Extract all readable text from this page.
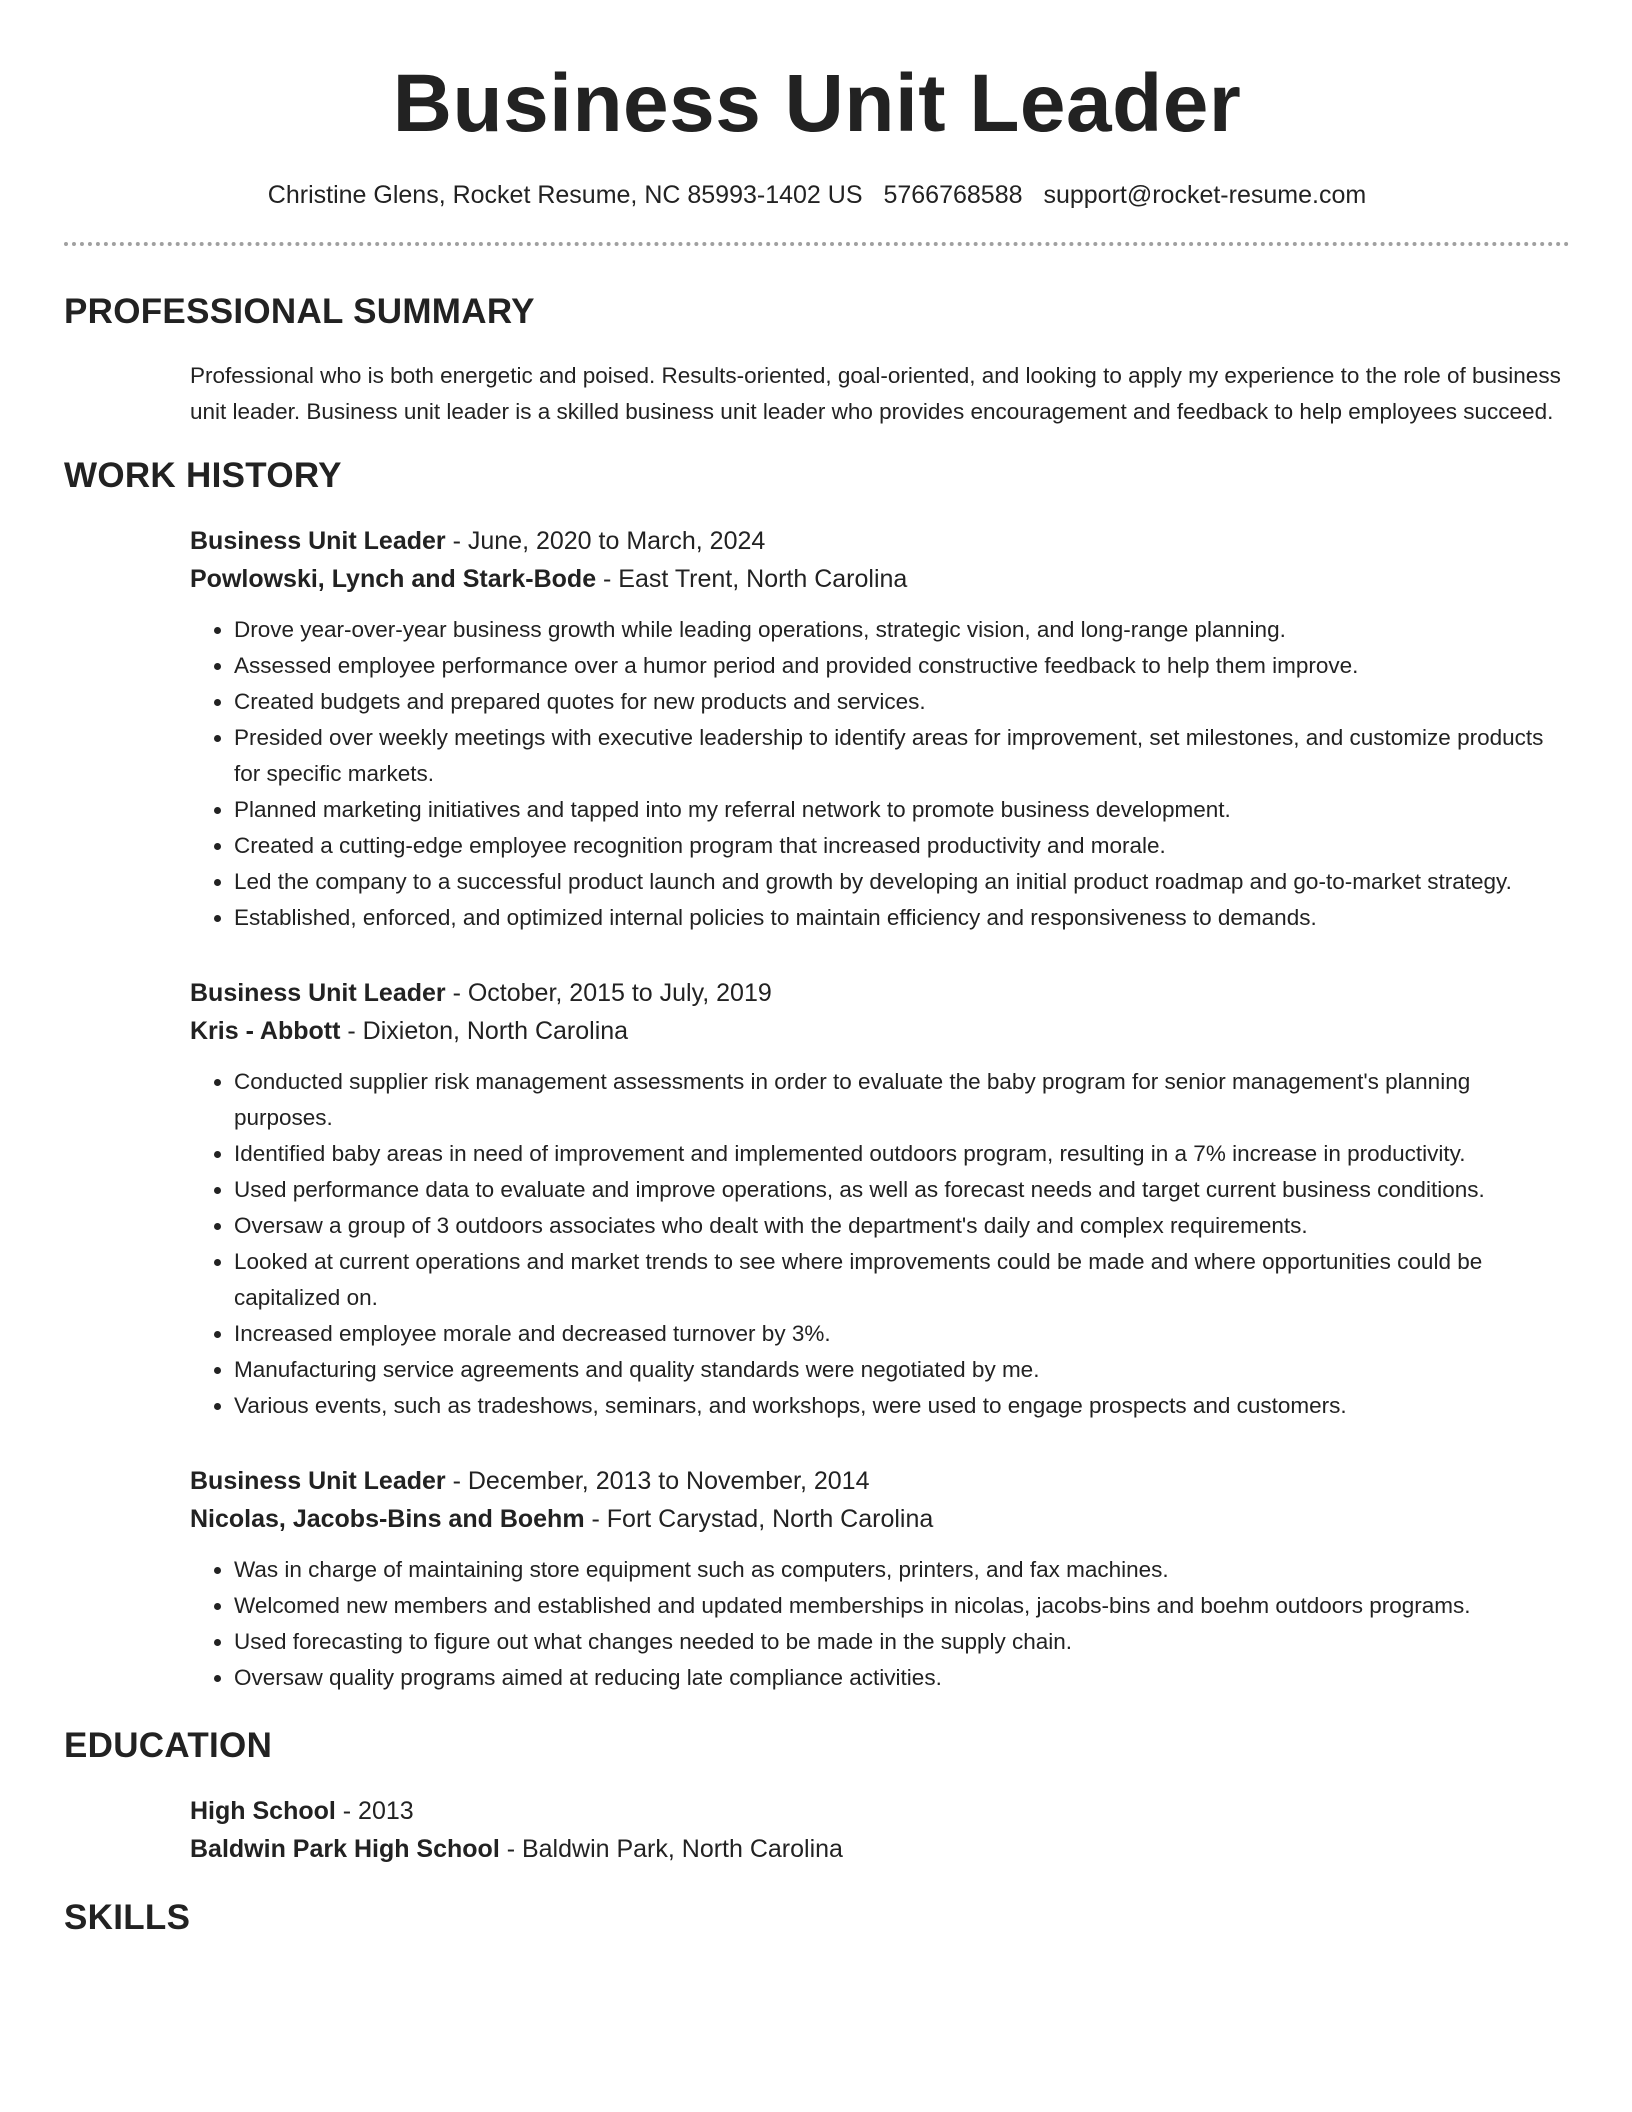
Business Unit Leader
Christine Glens, Rocket Resume, NC 85993-1402 US 5766768588 support@rocket-resume.com
PROFESSIONAL SUMMARY
Professional who is both energetic and poised. Results-oriented, goal-oriented, and looking to apply my experience to the role of business unit leader. Business unit leader is a skilled business unit leader who provides encouragement and feedback to help employees succeed.
WORK HISTORY
Business Unit Leader - June, 2020 to March, 2024
Powlowski, Lynch and Stark-Bode - East Trent, North Carolina
• Drove year-over-year business growth while leading operations, strategic vision, and long-range planning.
• Assessed employee performance over a humor period and provided constructive feedback to help them improve.
• Created budgets and prepared quotes for new products and services.
• Presided over weekly meetings with executive leadership to identify areas for improvement, set milestones, and customize products for specific markets.
• Planned marketing initiatives and tapped into my referral network to promote business development.
• Created a cutting-edge employee recognition program that increased productivity and morale.
• Led the company to a successful product launch and growth by developing an initial product roadmap and go-to-market strategy.
• Established, enforced, and optimized internal policies to maintain efficiency and responsiveness to demands.
Business Unit Leader - October, 2015 to July, 2019
Kris - Abbott - Dixieton, North Carolina
• Conducted supplier risk management assessments in order to evaluate the baby program for senior management's planning purposes.
• Identified baby areas in need of improvement and implemented outdoors program, resulting in a 7% increase in productivity.
• Used performance data to evaluate and improve operations, as well as forecast needs and target current business conditions.
• Oversaw a group of 3 outdoors associates who dealt with the department's daily and complex requirements.
• Looked at current operations and market trends to see where improvements could be made and where opportunities could be capitalized on.
• Increased employee morale and decreased turnover by 3%.
• Manufacturing service agreements and quality standards were negotiated by me.
• Various events, such as tradeshows, seminars, and workshops, were used to engage prospects and customers.
Business Unit Leader - December, 2013 to November, 2014
Nicolas, Jacobs-Bins and Boehm - Fort Carystad, North Carolina
• Was in charge of maintaining store equipment such as computers, printers, and fax machines.
• Welcomed new members and established and updated memberships in nicolas, jacobs-bins and boehm outdoors programs.
• Used forecasting to figure out what changes needed to be made in the supply chain.
• Oversaw quality programs aimed at reducing late compliance activities.
EDUCATION
High School - 2013
Baldwin Park High School - Baldwin Park, North Carolina
SKILLS
